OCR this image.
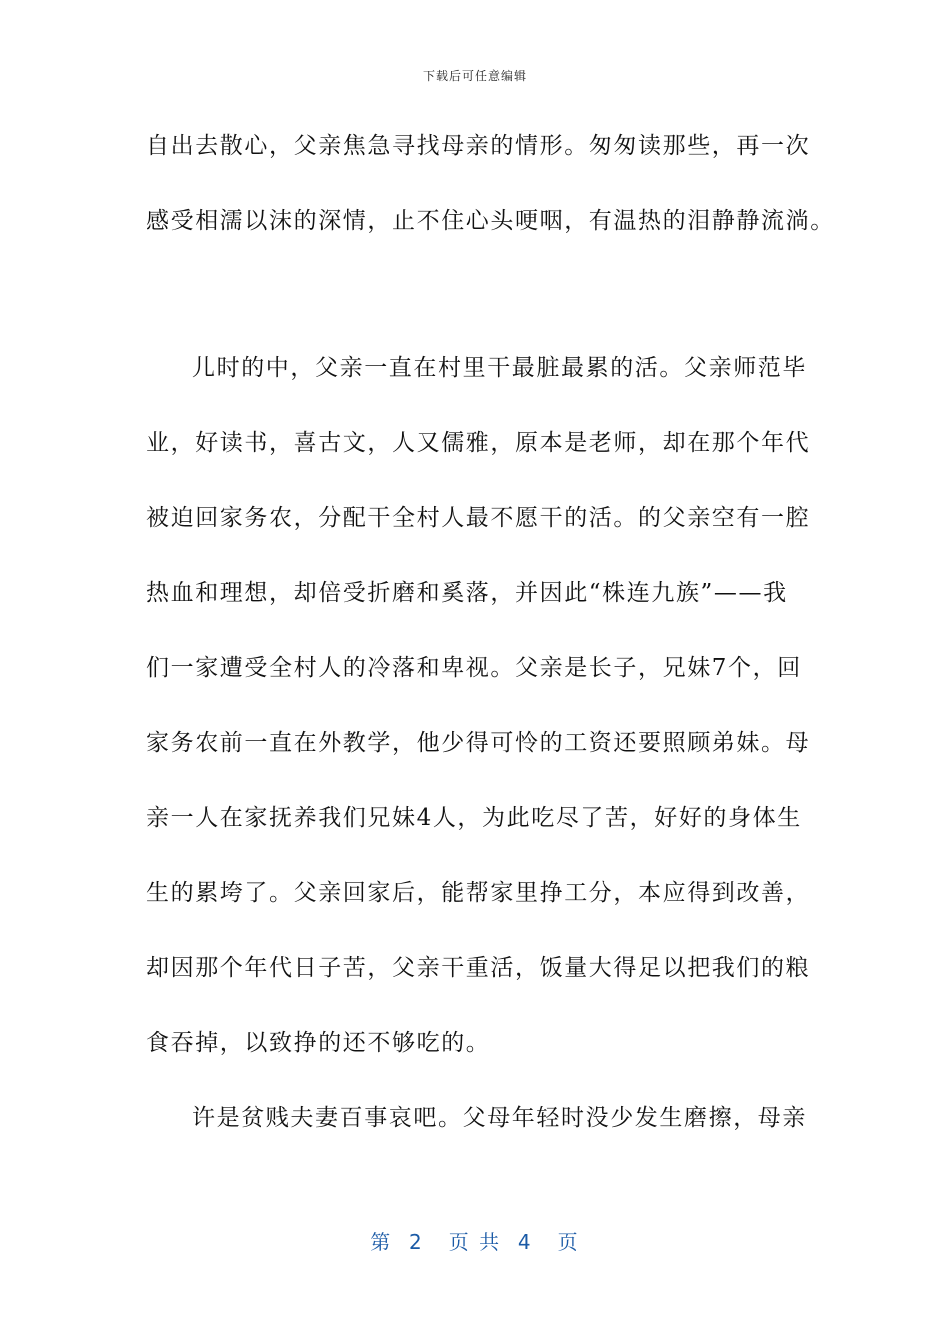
下载后可任意编辑
自出去散心，父亲焦急寻找母亲的情形。匆匆读那些，再一次
感受相濡以沫的深情，止不住心头哽咽，有温热的泪静静流淌。
儿时的中，父亲一直在村里干最脏最累的活。父亲师范毕
业，好读书，喜古文，人又儒雅，原本是老师，却在那个年代
被迫回家务农，分配干全村人最不愿干的活。的父亲空有一腔
热血和理想，却倍受折磨和奚落，并因此“株连九族”——我
们一家遭受全村人的冷落和卑视。父亲是长子，兄妹7个，回
家务农前一直在外教学，他少得可怜的工资还要照顾弟妹。母
亲一人在家抚养我们兄妹4人，为此吃尽了苦，好好的身体生
生的累垮了。父亲回家后，能帮家里挣工分，本应得到改善，
却因那个年代日子苦，父亲干重活，饭量大得足以把我们的粮
食吞掉，以致挣的还不够吃的。
许是贫贱夫妻百事哀吧。父母年轻时没少发生磨擦，母亲
第  2   页 共  4   页
